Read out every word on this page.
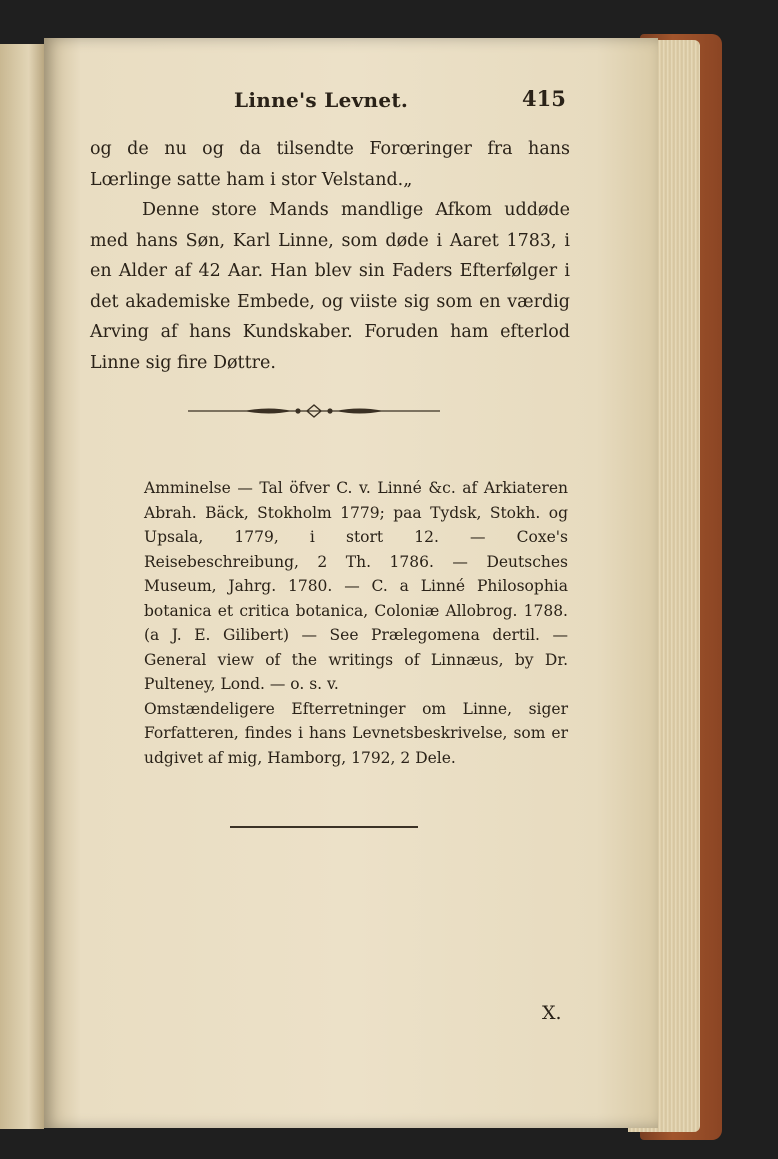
Linne's Levnet.	415

og de nu og da tilsendte Forœringer fra hans Lœrlinge satte ham i stor Velstand.„

Denne store Mands mandlige Afkom uddøde med hans Søn, Karl Linne, som døde i Aaret 1783, i en Alder af 42 Aar. Han blev sin Faders Efterfølger i det akademiske Embede, og viiste sig som en værdig Arving af hans Kundskaber. Foruden ham efterlod Linne sig fire Døttre.

Amminelse — Tal öfver C. v. Linné &c. af Arkiateren Abrah. Bäck, Stokholm 1779; paa Tydsk, Stokh. og Upsala, 1779, i stort 12. — Coxe's Reisebeschreibung, 2 Th. 1786. — Deutsches Museum, Jahrg. 1780. — C. a Linné Philosophia botanica et critica botanica, Coloniæ Allobrog. 1788. (a J. E. Gilibert) — See Prælegomena dertil. — General view of the writings of Linnæus, by Dr. Pulteney, Lond. — o. s. v.

Omstændeligere Efterretninger om Linne, siger Forfatteren, findes i hans Levnetsbeskrivelse, som er udgivet af mig, Hamborg, 1792, 2 Dele.

X.
